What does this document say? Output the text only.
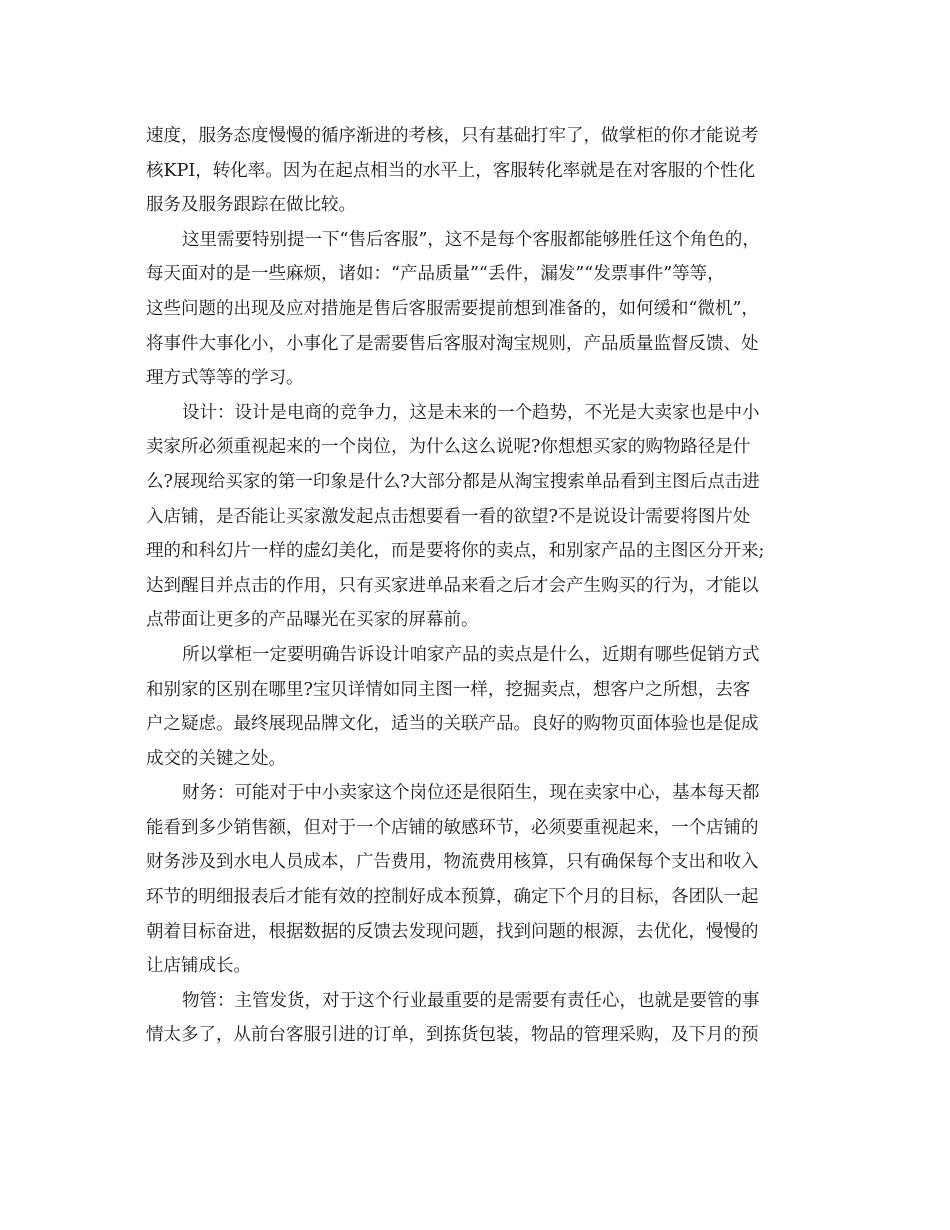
速度，服务态度慢慢的循序渐进的考核，只有基础打牢了，做掌柜的你才能说考
核KPI，转化率。因为在起点相当的水平上，客服转化率就是在对客服的个性化
服务及服务跟踪在做比较。
这里需要特别提一下“售后客服”，这不是每个客服都能够胜任这个角色的，
每天面对的是一些麻烦，诸如：“产品质量”“丢件，漏发”“发票事件”等等，
这些问题的出现及应对措施是售后客服需要提前想到准备的，如何缓和“微机”，
将事件大事化小，小事化了是需要售后客服对淘宝规则，产品质量监督反馈、处
理方式等等的学习。
设计：设计是电商的竞争力，这是未来的一个趋势，不光是大卖家也是中小
卖家所必须重视起来的一个岗位，为什么这么说呢?你想想买家的购物路径是什
么?展现给买家的第一印象是什么?大部分都是从淘宝搜索单品看到主图后点击进
入店铺，是否能让买家激发起点击想要看一看的欲望?不是说设计需要将图片处
理的和科幻片一样的虚幻美化，而是要将你的卖点，和别家产品的主图区分开来;
达到醒目并点击的作用，只有买家进单品来看之后才会产生购买的行为，才能以
点带面让更多的产品曝光在买家的屏幕前。
所以掌柜一定要明确告诉设计咱家产品的卖点是什么，近期有哪些促销方式
和别家的区别在哪里?宝贝详情如同主图一样，挖掘卖点，想客户之所想，去客
户之疑虑。最终展现品牌文化，适当的关联产品。良好的购物页面体验也是促成
成交的关键之处。
财务：可能对于中小卖家这个岗位还是很陌生，现在卖家中心，基本每天都
能看到多少销售额，但对于一个店铺的敏感环节，必须要重视起来，一个店铺的
财务涉及到水电人员成本，广告费用，物流费用核算，只有确保每个支出和收入
环节的明细报表后才能有效的控制好成本预算，确定下个月的目标，各团队一起
朝着目标奋进，根据数据的反馈去发现问题，找到问题的根源，去优化，慢慢的
让店铺成长。
物管：主管发货，对于这个行业最重要的是需要有责任心，也就是要管的事
情太多了，从前台客服引进的订单，到拣货包装，物品的管理采购，及下月的预
